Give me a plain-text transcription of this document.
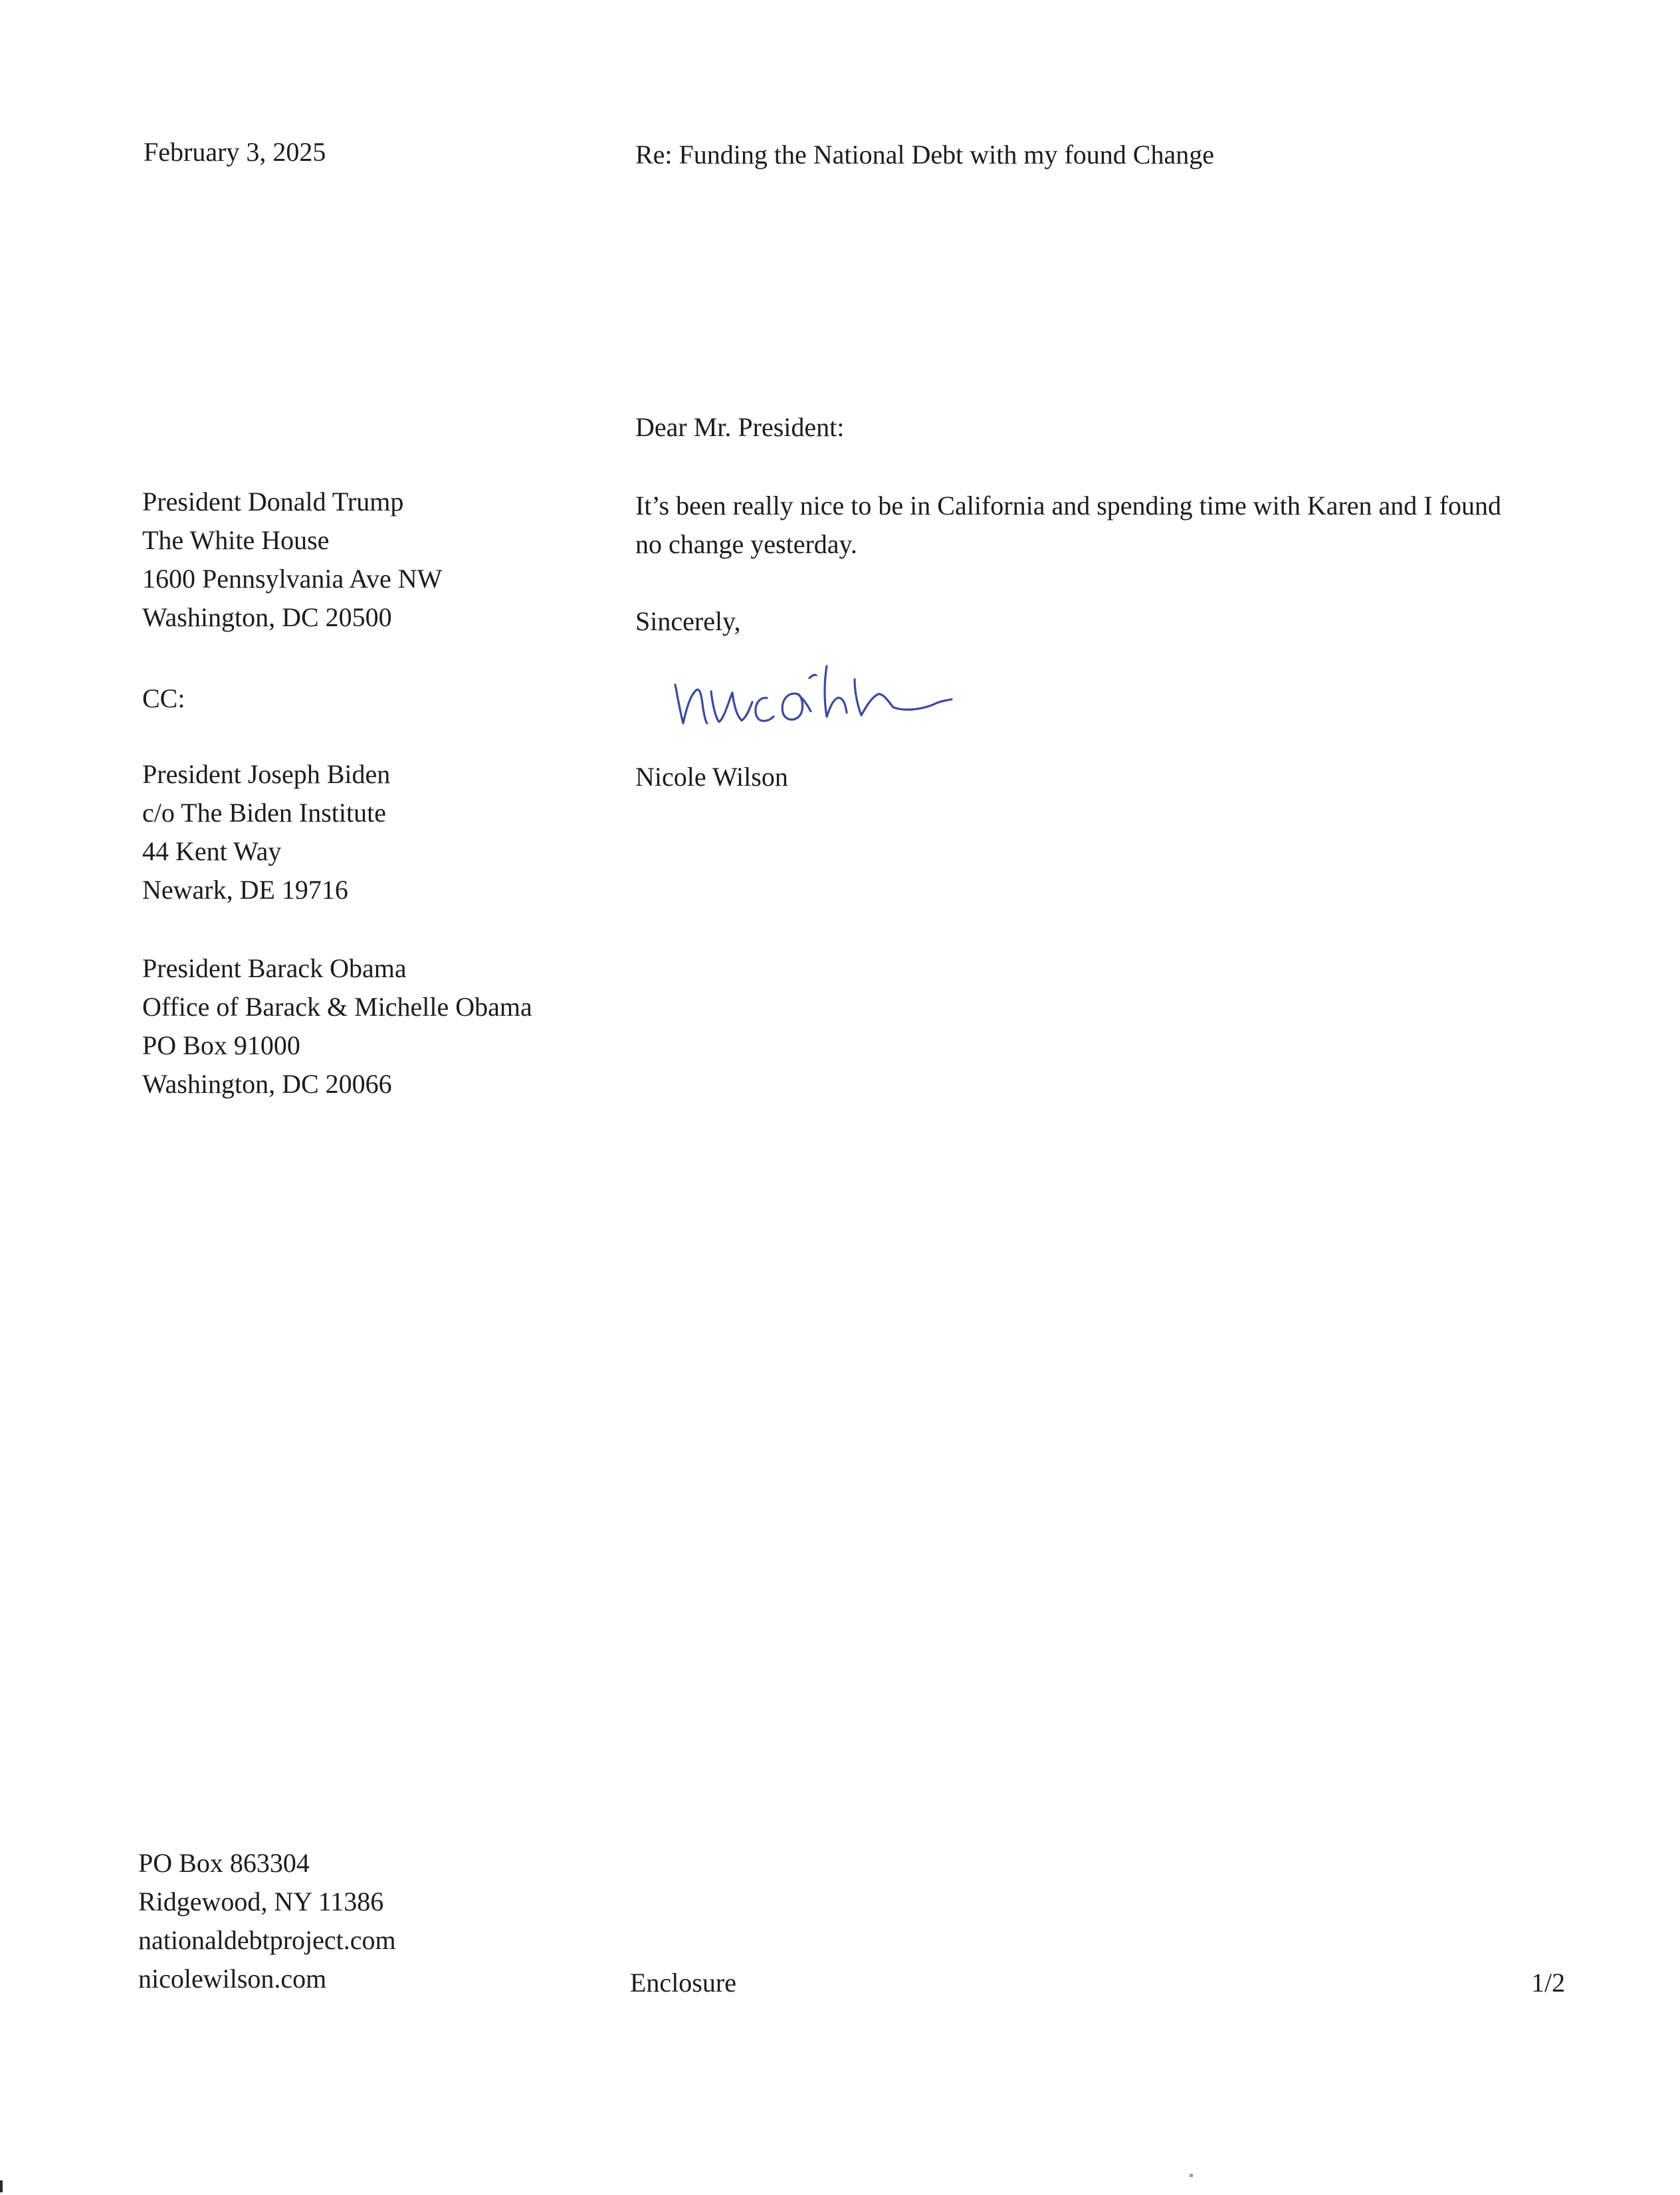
February 3, 2025	Re: Funding the National Debt with my found Change
Dear Mr. President:
President Donald Trump
The White House
1600 Pennsylvania Ave NW
Washington, DC 20500
It’s been really nice to be in California and spending time with Karen and I found
no change yesterday.
Sincerely,
Nicole Wilson
CC:
President Joseph Biden
c/o The Biden Institute
44 Kent Way
Newark, DE 19716
President Barack Obama
Office of Barack & Michelle Obama
PO Box 91000
Washington, DC 20066
PO Box 863304
Ridgewood, NY 11386
nationaldebtproject.com
nicolewilson.com	Enclosure	1/2
